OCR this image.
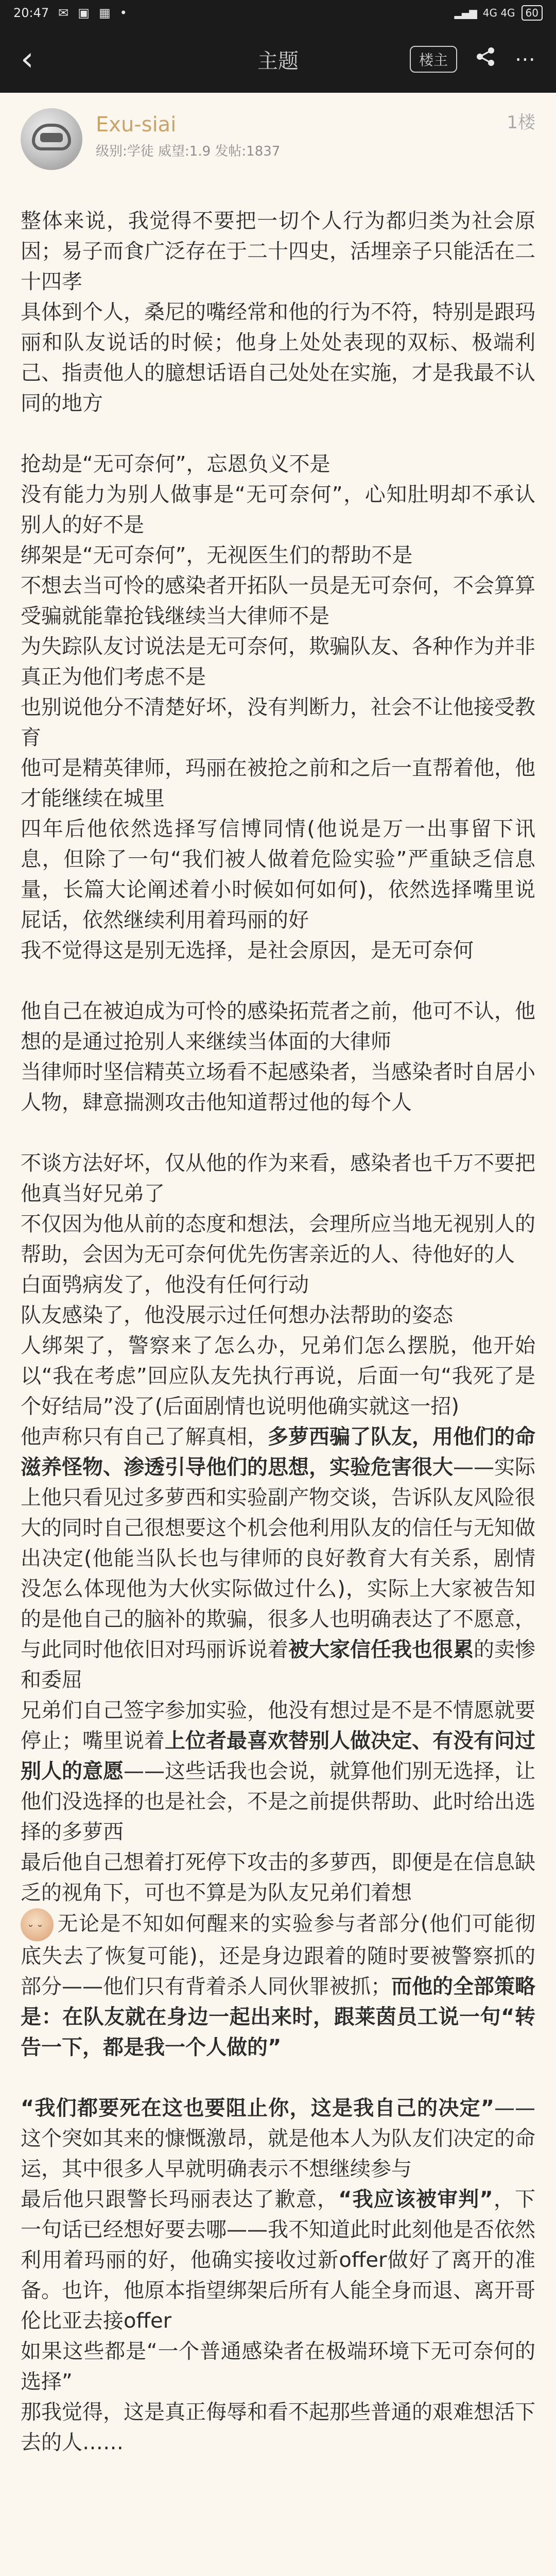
20:47 ✉ ▣ ▦ •	▂▄▆ 4G 4G	60
‹	主题	楼主	⋯
Exu-siai
级别:学徒 威望:1.9 发帖:1837
1楼

整体来说，我觉得不要把一切个人行为都归类为社会原因；易子而食广泛存在于二十四史，活埋亲子只能活在二十四孝

具体到个人，桑尼的嘴经常和他的行为不符，特别是跟玛丽和队友说话的时候；他身上处处表现的双标、极端利己、指责他人的臆想话语自己处处在实施，才是我最不认同的地方

抢劫是“无可奈何”，忘恩负义不是

没有能力为别人做事是“无可奈何”，心知肚明却不承认别人的好不是

绑架是“无可奈何”，无视医生们的帮助不是

不想去当可怜的感染者开拓队一员是无可奈何，不会算算受骗就能靠抢钱继续当大律师不是

为失踪队友讨说法是无可奈何，欺骗队友、各种作为并非真正为他们考虑不是

也别说他分不清楚好坏，没有判断力，社会不让他接受教育

他可是精英律师，玛丽在被抢之前和之后一直帮着他，他才能继续在城里

四年后他依然选择写信博同情(他说是万一出事留下讯息，但除了一句“我们被人做着危险实验”严重缺乏信息量，长篇大论阐述着小时候如何如何)，依然选择嘴里说屁话，依然继续利用着玛丽的好

我不觉得这是别无选择，是社会原因，是无可奈何

他自己在被迫成为可怜的感染拓荒者之前，他可不认，他想的是通过抢别人来继续当体面的大律师

当律师时坚信精英立场看不起感染者，当感染者时自居小人物，肆意揣测攻击他知道帮过他的每个人

不谈方法好坏，仅从他的作为来看，感染者也千万不要把他真当好兄弟了

不仅因为他从前的态度和想法，会理所应当地无视别人的帮助，会因为无可奈何优先伤害亲近的人、待他好的人

白面鸮病发了，他没有任何行动

队友感染了，他没展示过任何想办法帮助的姿态

人绑架了，警察来了怎么办，兄弟们怎么摆脱，他开始以“我在考虑”回应队友先执行再说，后面一句“我死了是个好结局”没了(后面剧情也说明他确实就这一招)

他声称只有自己了解真相，多萝西骗了队友，用他们的命滋养怪物、渗透引导他们的思想，实验危害很大——实际上他只看见过多萝西和实验副产物交谈，告诉队友风险很大的同时自己很想要这个机会他利用队友的信任与无知做出决定(他能当队长也与律师的良好教育大有关系，剧情没怎么体现他为大伙实际做过什么)，实际上大家被告知的是他自己的脑补的欺骗，很多人也明确表达了不愿意，与此同时他依旧对玛丽诉说着被大家信任我也很累的卖惨和委屈

兄弟们自己签字参加实验，他没有想过是不是不情愿就要停止；嘴里说着上位者最喜欢替别人做决定、有没有问过别人的意愿——这些话我也会说，就算他们别无选择，让他们没选择的也是社会，不是之前提供帮助、此时给出选择的多萝西

最后他自己想着打死停下攻击的多萝西，即便是在信息缺乏的视角下，可也不算是为队友兄弟们着想

˘ ˘无论是不知如何醒来的实验参与者部分(他们可能彻底失去了恢复可能)，还是身边跟着的随时要被警察抓的部分——他们只有背着杀人同伙罪被抓；而他的全部策略是：在队友就在身边一起出来时，跟莱茵员工说一句“转告一下，都是我一个人做的”

“我们都要死在这也要阻止你，这是我自己的决定”——这个突如其来的慷慨激昂，就是他本人为队友们决定的命运，其中很多人早就明确表示不想继续参与

最后他只跟警长玛丽表达了歉意，“我应该被审判”，下一句话已经想好要去哪——我不知道此时此刻他是否依然利用着玛丽的好，他确实接收过新offer做好了离开的准备。也许，他原本指望绑架后所有人能全身而退、离开哥伦比亚去接offer

如果这些都是“一个普通感染者在极端环境下无可奈何的选择”

那我觉得，这是真正侮辱和看不起那些普通的艰难想活下去的人……
